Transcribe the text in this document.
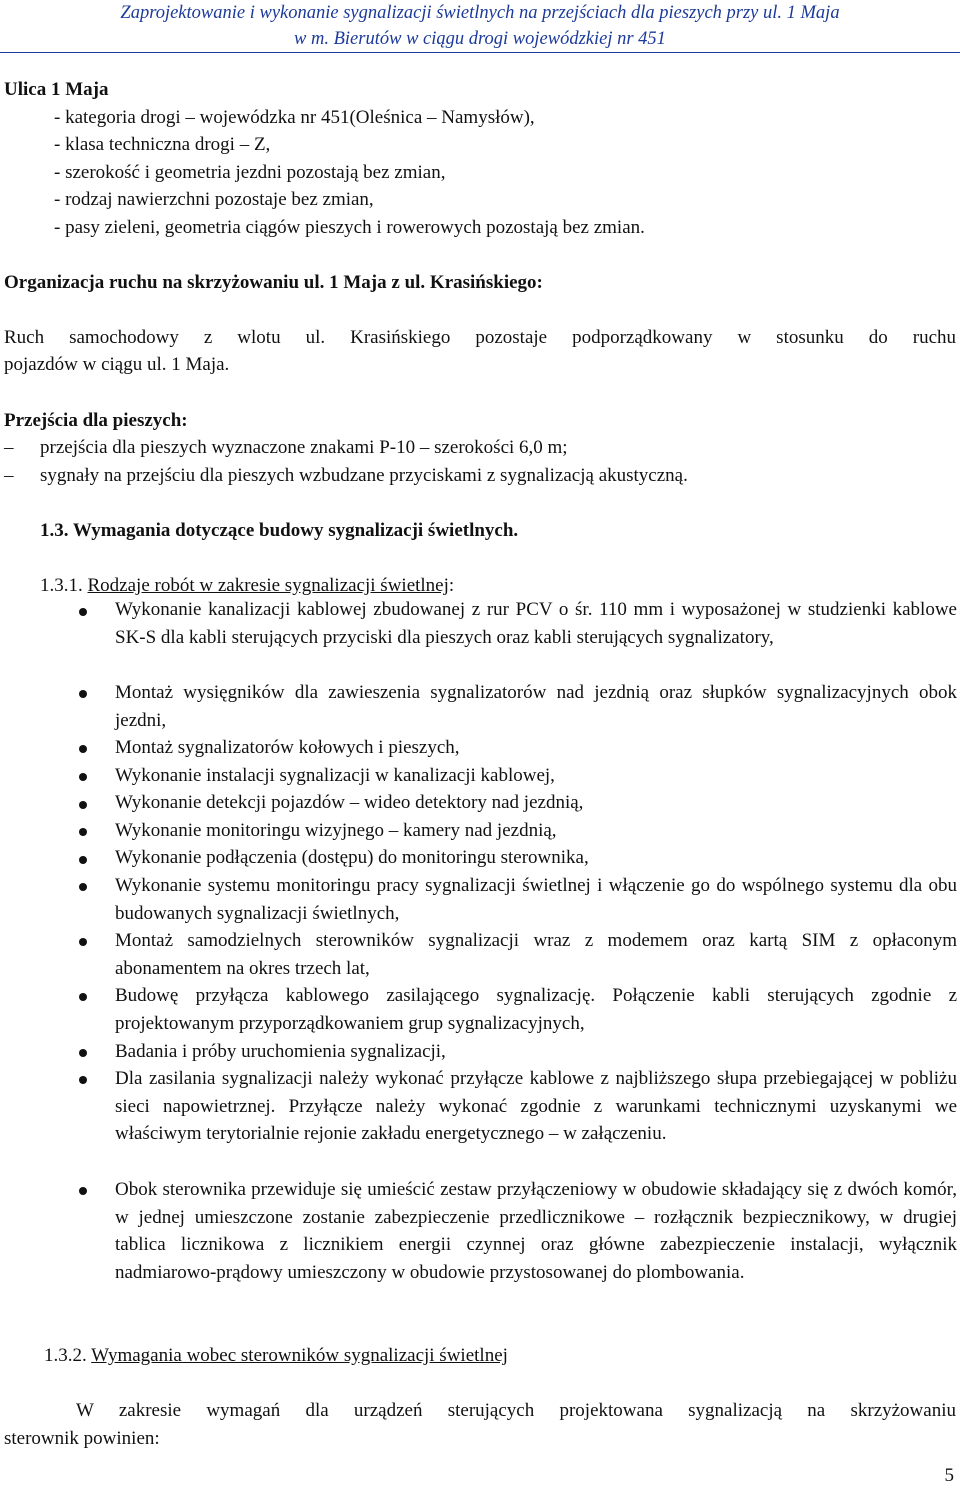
Zaprojektowanie i wykonanie sygnalizacji świetlnych na przejściach dla pieszych przy ul. 1 Maja
w m. Bierutów w ciągu drogi wojewódzkiej nr 451
Ulica 1 Maja
- kategoria drogi – wojewódzka nr 451(Oleśnica – Namysłów),
- klasa techniczna drogi – Z,
- szerokość i geometria jezdni pozostają bez zmian,
- rodzaj nawierzchni pozostaje bez zmian,
- pasy zieleni, geometria ciągów pieszych i rowerowych pozostają bez zmian.
Organizacja ruchu na skrzyżowaniu ul. 1 Maja z ul. Krasińskiego:
Ruch samochodowy z wlotu ul. Krasińskiego pozostaje podporządkowany w stosunku do ruchu
pojazdów w ciągu ul. 1 Maja.
Przejścia dla pieszych:
– przejścia dla pieszych wyznaczone znakami P-10 – szerokości 6,0 m;
– sygnały na przejściu dla pieszych wzbudzane przyciskami z sygnalizacją akustyczną.
1.3. Wymagania dotyczące budowy sygnalizacji świetlnych.
1.3.1. Rodzaje robót w zakresie sygnalizacji świetlnej:
Wykonanie kanalizacji kablowej zbudowanej z rur PCV o śr. 110 mm i wyposażonej w studzienki kablowe SK-S dla kabli sterujących przyciski dla pieszych oraz kabli sterujących sygnalizatory,
Montaż wysięgników dla zawieszenia sygnalizatorów nad jezdnią oraz słupków sygnalizacyjnych obok jezdni,
Montaż sygnalizatorów kołowych i pieszych,
Wykonanie instalacji sygnalizacji w kanalizacji kablowej,
Wykonanie detekcji pojazdów – wideo detektory nad jezdnią,
Wykonanie monitoringu wizyjnego – kamery nad jezdnią,
Wykonanie podłączenia (dostępu) do monitoringu sterownika,
Wykonanie systemu monitoringu pracy sygnalizacji świetlnej i włączenie go do wspólnego systemu dla obu budowanych sygnalizacji świetlnych,
Montaż samodzielnych sterowników sygnalizacji wraz z modemem oraz kartą SIM z opłaconym abonamentem na okres trzech lat,
Budowę przyłącza kablowego zasilającego sygnalizację. Połączenie kabli sterujących zgodnie z projektowanym przyporządkowaniem grup sygnalizacyjnych,
Badania i próby uruchomienia sygnalizacji,
Dla zasilania sygnalizacji należy wykonać przyłącze kablowe z najbliższego słupa przebiegającej w pobliżu sieci napowietrznej. Przyłącze należy wykonać zgodnie z warunkami technicznymi uzyskanymi we właściwym terytorialnie rejonie zakładu energetycznego – w załączeniu.
Obok sterownika przewiduje się umieścić zestaw przyłączeniowy w obudowie składający się z dwóch komór, w jednej umieszczone zostanie zabezpieczenie przedlicznikowe – rozłącznik bezpiecznikowy, w drugiej tablica licznikowa z licznikiem energii czynnej oraz główne zabezpieczenie instalacji, wyłącznik nadmiarowo-prądowy umieszczony w obudowie przystosowanej do plombowania.
1.3.2. Wymagania wobec sterowników sygnalizacji świetlnej
W zakresie wymagań dla urządzeń sterujących projektowana sygnalizacją na skrzyżowaniu
sterownik powinien:
5
